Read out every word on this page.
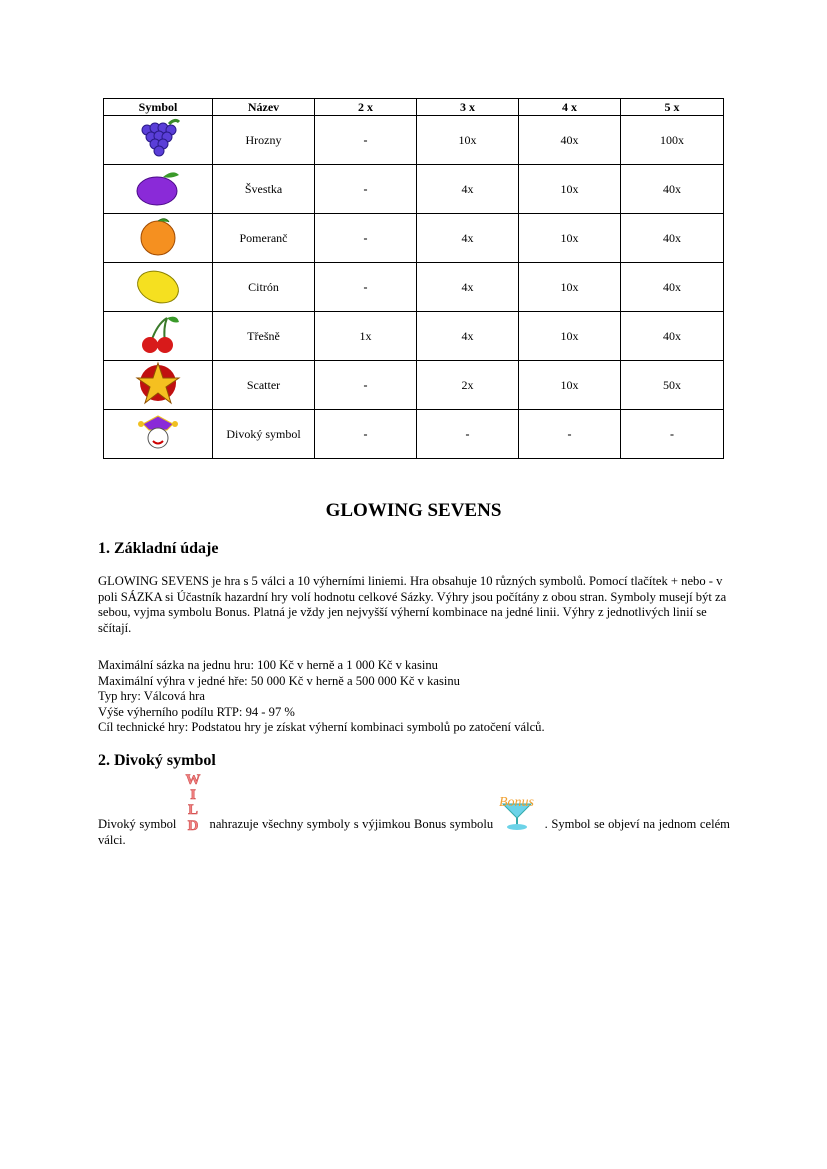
Symbol	Název	2 x	3 x	4 x	5 x
	Hrozny	-	10x	40x	100x
	Švestka	-	4x	10x	40x
	Pomeranč	-	4x	10x	40x
	Citrón	-	4x	10x	40x
	Třešně	1x	4x	10x	40x
	Scatter	-	2x	10x	50x
	Divoký symbol	-	-	-	-
GLOWING SEVENS
1. Základní údaje

GLOWING SEVENS je hra s 5 válci a 10 výherními liniemi. Hra obsahuje 10 různých symbolů. Pomocí tlačítek + nebo - v poli SÁZKA si Účastník hazardní hry volí hodnotu celkové Sázky. Výhry jsou počítány z obou stran. Symboly musejí být za sebou, vyjma symbolu Bonus. Platná je vždy jen nejvyšší výherní kombinace na jedné linii. Výhry z jednotlivých linií se sčítají.

Maximální sázka na jednu hru: 100 Kč v herně a 1 000 Kč v kasinu
Maximální výhra v jedné hře: 50 000 Kč v herně a 500 000 Kč v kasinu
Typ hry: Válcová hra
Výše výherního podílu RTP: 94 - 97 %
Cíl technické hry: Podstatou hry je získat výherní kombinaci symbolů po zatočení válců.
2. Divoký symbol
Divoký symbol
W
I
L
D nahrazuje všechny symboly s výjimkou Bonus symbolu
Bonus
. Symbol se objeví na jednom celém válci.
